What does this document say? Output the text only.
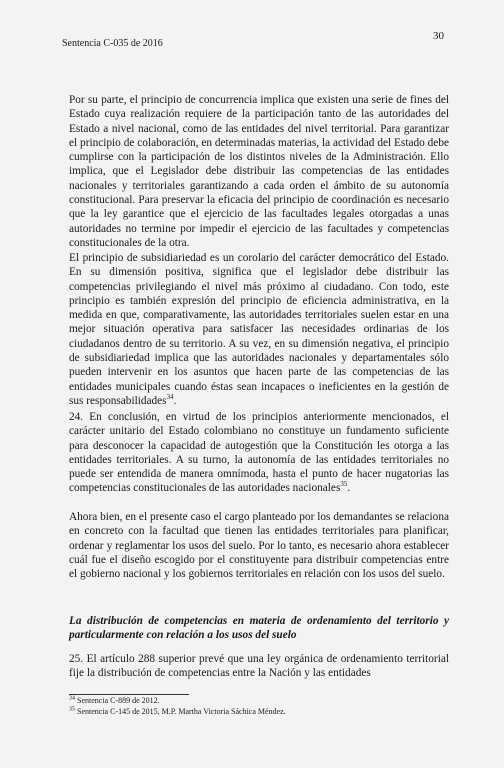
Sentencia C-035 de 2016
30

Por su parte, el principio de concurrencia implica que existen una serie de fines del Estado cuya realización requiere de la participación tanto de las autoridades del Estado a nivel nacional, como de las entidades del nivel territorial. Para garantizar el principio de colaboración, en determinadas materias, la actividad del Estado debe cumplirse con la participación de los distintos niveles de la Administración. Ello implica, que el Legislador debe distribuir las competencias de las entidades nacionales y territoriales garantizando a cada orden el ámbito de su autonomía constitucional. Para preservar la eficacia del principio de coordinación es necesario que la ley garantice que el ejercicio de las facultades legales otorgadas a unas autoridades no termine por impedir el ejercicio de las facultades y competencias constitucionales de la otra.

El principio de subsidiariedad es un corolario del carácter democrático del Estado. En su dimensión positiva, significa que el legislador debe distribuir las competencias privilegiando el nivel más próximo al ciudadano. Con todo, este principio es también expresión del principio de eficiencia administrativa, en la medida en que, comparativamente, las autoridades territoriales suelen estar en una mejor situación operativa para satisfacer las necesidades ordinarias de los ciudadanos dentro de su territorio. A su vez, en su dimensión negativa, el principio de subsidiariedad implica que las autoridades nacionales y departamentales sólo pueden intervenir en los asuntos que hacen parte de las competencias de las entidades municipales cuando éstas sean incapaces o ineficientes en la gestión de sus responsabilidades$^{34}$.

24. En conclusión, en virtud de los principios anteriormente mencionados, el carácter unitario del Estado colombiano no constituye un fundamento suficiente para desconocer la capacidad de autogestión que la Constitución les otorga a las entidades territoriales. A su turno, la autonomía de las entidades territoriales no puede ser entendida de manera omnímoda, hasta el punto de hacer nugatorias las competencias constitucionales de las autoridades nacionales$^{35}$.

Ahora bien, en el presente caso el cargo planteado por los demandantes se relaciona en concreto con la facultad que tienen las entidades territoriales para planificar, ordenar y reglamentar los usos del suelo. Por lo tanto, es necesario ahora establecer cuál fue el diseño escogido por el constituyente para distribuir competencias entre el gobierno nacional y los gobiernos territoriales en relación con los usos del suelo.

La distribución de competencias en materia de ordenamiento del territorio y particularmente con relación a los usos del suelo

25. El artículo 288 superior prevé que una ley orgánica de ordenamiento territorial fije la distribución de competencias entre la Nación y las entidades

$^{34}$ Sentencia C-889 de 2012.

$^{35}$ Sentencia C-145 de 2015, M.P. Martha Victoria Sáchica Méndez.
